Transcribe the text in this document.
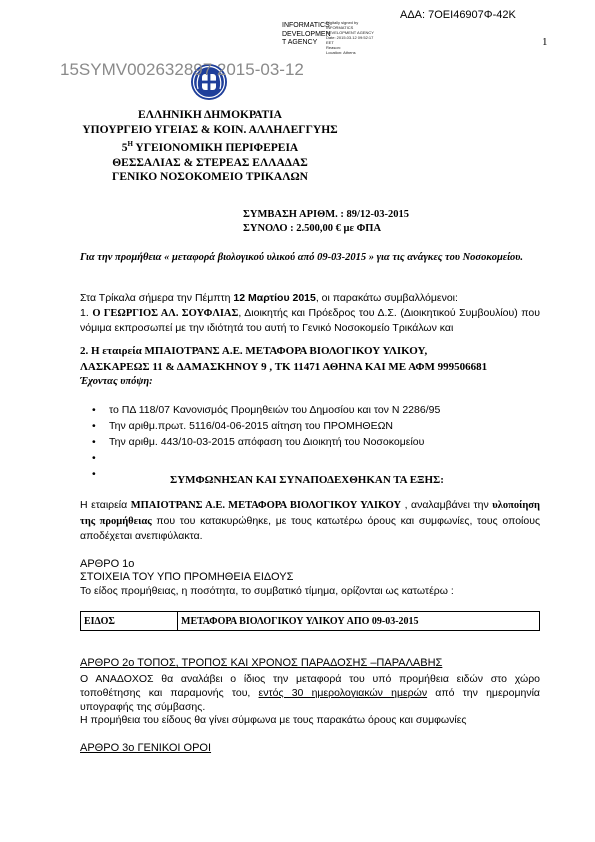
ΑΔΑ: 7ΟΕΙ46907Φ-42Κ
INFORMATICS
DEVELOPMEN
T AGENCY
Digitally signed by
INFORMATICS
DEVELOPMENT AGENCY
Date: 2015.03.12 09:52:17
EET
Reason:
Location: Athens
1
15SYMV002632897 2015-03-12
ΕΛΛΗΝΙΚΗ ΔΗΜΟΚΡΑΤΙΑ
ΥΠΟΥΡΓΕΙΟ ΥΓΕΙΑΣ & ΚΟΙΝ. ΑΛΛΗΛΕΓΓΥΗΣ
$5^H$ ΥΓΕΙΟΝΟΜΙΚΗ ΠΕΡΙΦΕΡΕΙΑ
ΘΕΣΣΑΛΙΑΣ & ΣΤΕΡΕΑΣ ΕΛΛΑΔΑΣ
ΓΕΝΙΚΟ ΝΟΣΟΚΟΜΕΙΟ ΤΡΙΚΑΛΩΝ
ΣΥΜΒΑΣΗ ΑΡΙΘΜ. : 89/12-03-2015
ΣΥΝΟΛΟ : 2.500,00 € με ΦΠΑ
Για την προμήθεια « μεταφορά βιολογικού υλικού από 09-03-2015 » για τις ανάγκες του Νοσοκομείου.
Στα Τρίκαλα σήμερα την Πέμπτη 12 Μαρτίου 2015, οι παρακάτω συμβαλλόμενοι:
1. Ο ΓΕΩΡΓΙΟΣ ΑΛ. ΣΟΥΦΛΙΑΣ, Διοικητής και Πρόεδρος του Δ.Σ. (Διοικητικού Συμβουλίου) που νόμιμα εκπροσωπεί με την ιδιότητά του αυτή το Γενικό Νοσοκομείο Τρικάλων και
2. Η εταιρεία ΜΠΑΙΟΤΡΑΝΣ Α.Ε. ΜΕΤΑΦΟΡΑ ΒΙΟΛΟΓΙΚΟΥ ΥΛΙΚΟΥ,
ΛΑΣΚΑΡΕΩΣ 11 & ΔΑΜΑΣΚΗΝΟΥ 9 , ΤΚ 11471 ΑΘΗΝΑ ΚΑΙ ΜΕ ΑΦΜ 999506681
Έχοντας υπόψη:
• το ΠΔ 118/07 Κανονισμός Προμηθειών του Δημοσίου και τον Ν 2286/95
• Την αριθμ.πρωτ. 5116/04-06-2015 αίτηση του ΠΡΟΜΗΘΕΩΝ
• Την αριθμ. 443/10-03-2015 απόφαση του Διοικητή του Νοσοκομείου
•
•	ΣΥΜΦΩΝΗΣΑΝ ΚΑΙ ΣΥΝΑΠΟΔΕΧΘΗΚΑΝ ΤΑ ΕΞΗΣ:
Η εταιρεία ΜΠΑΙΟΤΡΑΝΣ Α.Ε. ΜΕΤΑΦΟΡΑ ΒΙΟΛΟΓΙΚΟΥ ΥΛΙΚΟΥ , αναλαμβάνει την υλοποίηση της προμήθειας που του κατακυρώθηκε, με τους κατωτέρω όρους και συμφωνίες, τους οποίους αποδέχεται ανεπιφύλακτα.
ΑΡΘΡΟ 1ο
ΣΤΟΙΧΕΙΑ ΤΟΥ ΥΠΟ ΠΡΟΜΗΘΕΙΑ ΕΙΔΟΥΣ
Το είδος προμήθειας, η ποσότητα, το συμβατικό τίμημα, ορίζονται ως κατωτέρω :
ΕΙΔΟΣ	ΜΕΤΑΦΟΡΑ ΒΙΟΛΟΓΙΚΟΥ ΥΛΙΚΟΥ ΑΠΟ 09-03-2015
ΑΡΘΡΟ 2ο ΤΟΠΟΣ, ΤΡΟΠΟΣ ΚΑΙ ΧΡΟΝΟΣ ΠΑΡΑΔΟΣΗΣ –ΠΑΡΑΛΑΒΗΣ
Ο ΑΝΑΔΟΧΟΣ θα αναλάβει ο ίδιος την μεταφορά του υπό προμήθεια ειδών στο χώρο τοποθέτησης και παραμονής του, εντός 30 ημερολογιακών ημερών από την ημερομηνία υπογραφής της σύμβασης.
Η προμήθεια του είδους θα γίνει σύμφωνα με τους παρακάτω όρους και συμφωνίες
ΑΡΘΡΟ 3ο ΓΕΝΙΚΟΙ ΟΡΟΙ
